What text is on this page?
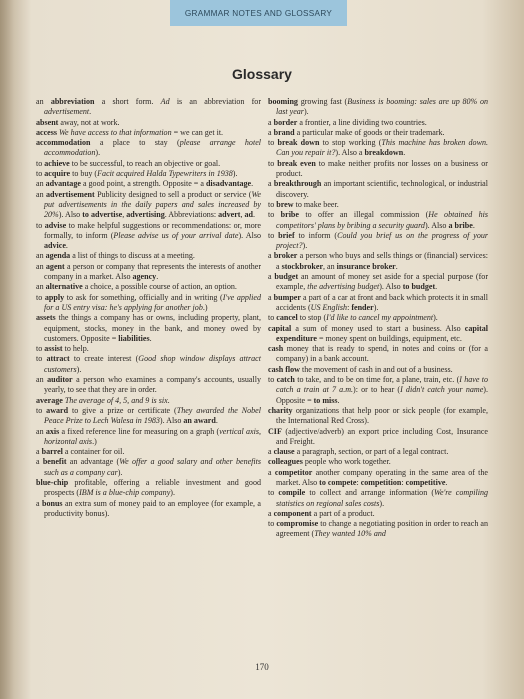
GRAMMAR NOTES AND GLOSSARY
Glossary

an abbreviation a short form. Ad is an abbreviation for advertisement.

absent away, not at work.

access We have access to that information = we can get it.

accommodation a place to stay (please arrange hotel accommodation).

to achieve to be successful, to reach an objective or goal.

to acquire to buy (Facit acquired Halda Typewriters in 1938).

an advantage a good point, a strength. Opposite = a disadvantage.

an advertisement Publicity designed to sell a product or service (We put advertisements in the daily papers and sales increased by 20%). Also to advertise, advertising. Abbreviations: advert, ad.

to advise to make helpful suggestions or recommendations: or, more formally, to inform (Please advise us of your arrival date). Also advice.

an agenda a list of things to discuss at a meeting.

an agent a person or company that represents the interests of another company in a market. Also agency.

an alternative a choice, a possible course of action, an option.

to apply to ask for something, officially and in writing (I've applied for a US entry visa: he's applying for another job.)

assets the things a company has or owns, including property, plant, equipment, stocks, money in the bank, and money owed by customers. Opposite = liabilities.

to assist to help.

to attract to create interest (Good shop window displays attract customers).

an auditor a person who examines a company's accounts, usually yearly, to see that they are in order.

average The average of 4, 5, and 9 is six.

to award to give a prize or certificate (They awarded the Nobel Peace Prize to Lech Walesa in 1983). Also an award.

an axis a fixed reference line for measuring on a graph (vertical axis, horizontal axis.)

a barrel a container for oil.

a benefit an advantage (We offer a good salary and other benefits such as a company car).

blue-chip profitable, offering a reliable investment and good prospects (IBM is a blue-chip company).

a bonus an extra sum of money paid to an employee (for example, a productivity bonus).

booming growing fast (Business is booming: sales are up 80% on last year).

a border a frontier, a line dividing two countries.

a brand a particular make of goods or their trademark.

to break down to stop working (This machine has broken down. Can you repair it?). Also a breakdown.

to break even to make neither profits nor losses on a business or product.

a breakthrough an important scientific, technological, or industrial discovery.

to brew to make beer.

to bribe to offer an illegal commission (He obtained his competitors' plans by bribing a security guard). Also a bribe.

to brief to inform (Could you brief us on the progress of your project?).

a broker a person who buys and sells things or (financial) services: a stockbroker, an insurance broker.

a budget an amount of money set aside for a special purpose (for example, the advertising budget). Also to budget.

a bumper a part of a car at front and back which protects it in small accidents (US English: fender).

to cancel to stop (I'd like to cancel my appointment).

capital a sum of money used to start a business. Also capital expenditure = money spent on buildings, equipment, etc.

cash money that is ready to spend, in notes and coins or (for a company) in a bank account.

cash flow the movement of cash in and out of a business.

to catch to take, and to be on time for, a plane, train, etc. (I have to catch a train at 7 a.m.): or to hear (I didn't catch your name). Opposite = to miss.

charity organizations that help poor or sick people (for example, the International Red Cross).

CIF (adjective/adverb) an export price including Cost, Insurance and Freight.

a clause a paragraph, section, or part of a legal contract.

colleagues people who work together.

a competitor another company operating in the same area of the market. Also to compete: competition: competitive.

to compile to collect and arrange information (We're compiling statistics on regional sales costs).

a component a part of a product.

to compromise to change a negotiating position in order to reach an agreement (They wanted 10% and

170
